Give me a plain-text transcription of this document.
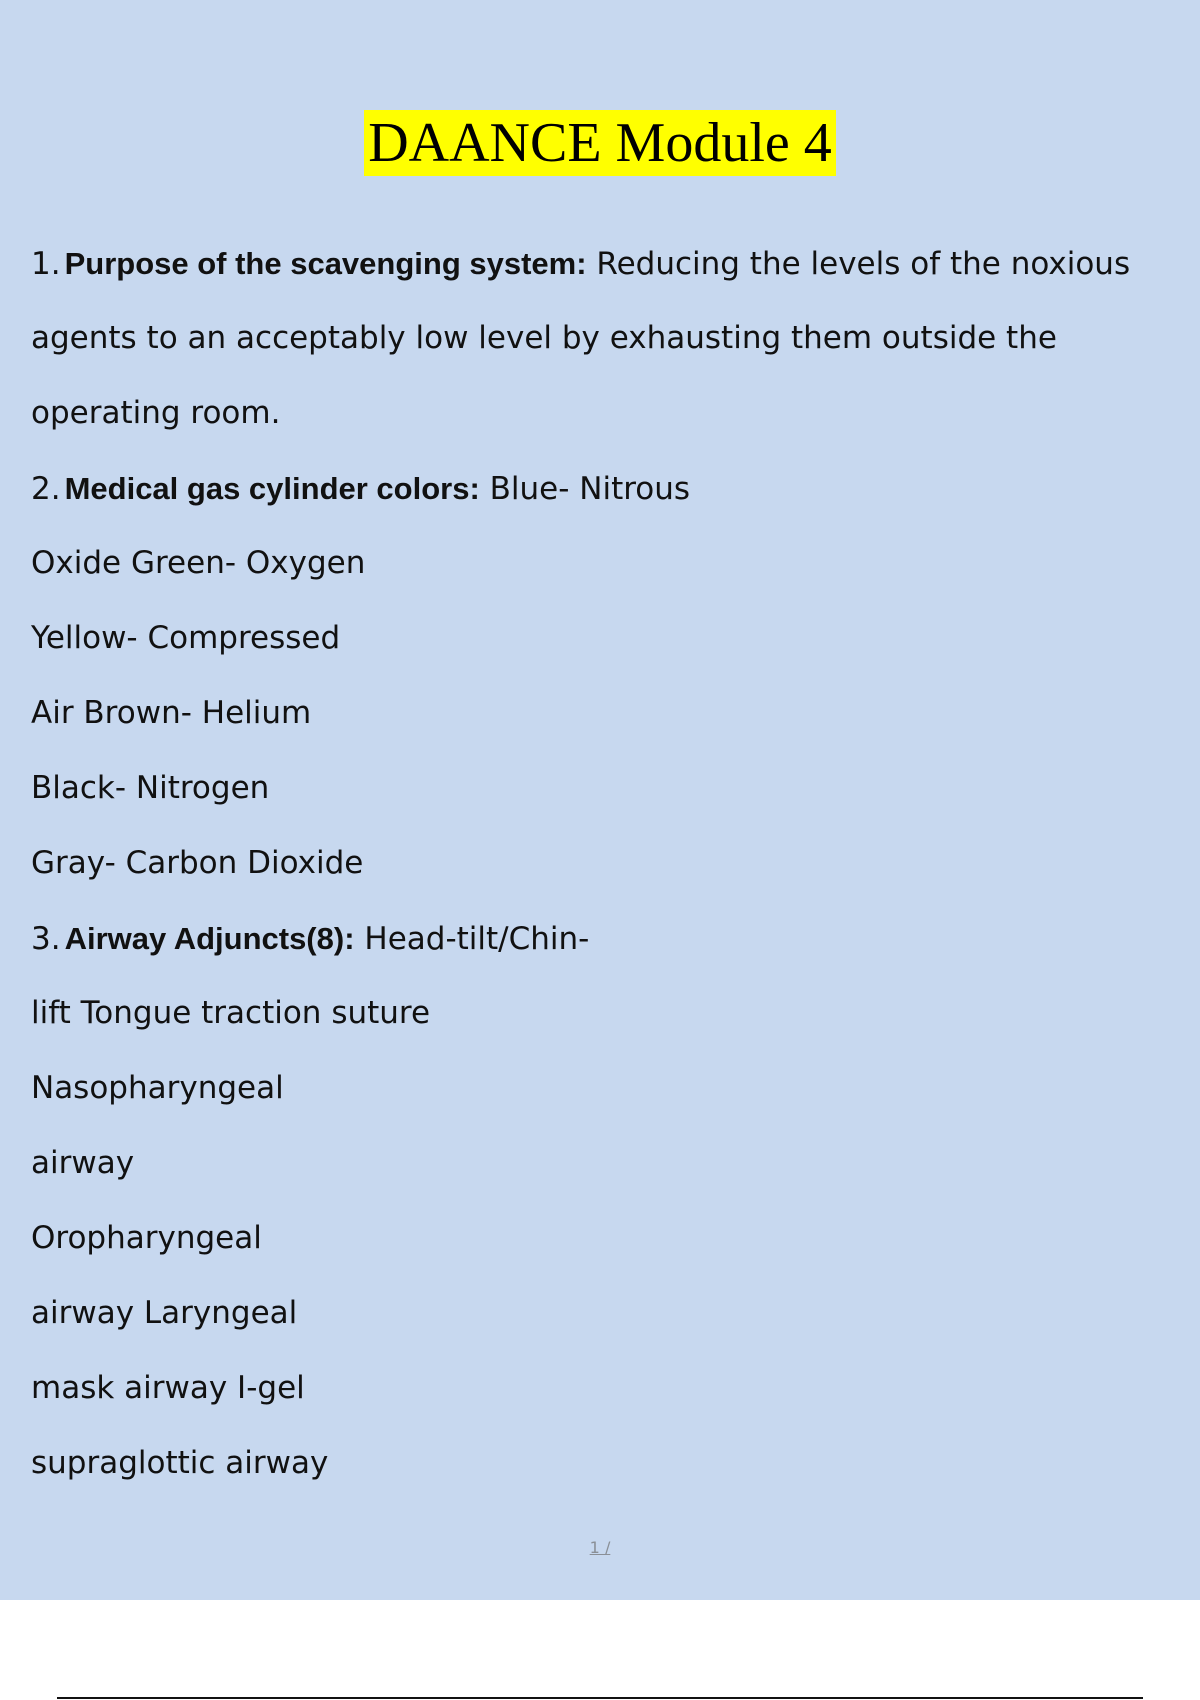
DAANCE Module 4
1. Purpose of the scavenging system: Reducing the levels of the noxious
agents to an acceptably low level by exhausting them outside the
operating room.
2. Medical gas cylinder colors: Blue- Nitrous
Oxide Green- Oxygen
Yellow- Compressed
Air Brown- Helium
Black- Nitrogen
Gray- Carbon Dioxide
3. Airway Adjuncts(8): Head-tilt/Chin-
lift Tongue traction suture
Nasopharyngeal
airway
Oropharyngeal
airway Laryngeal
mask airway I-gel
supraglottic airway
1 /
